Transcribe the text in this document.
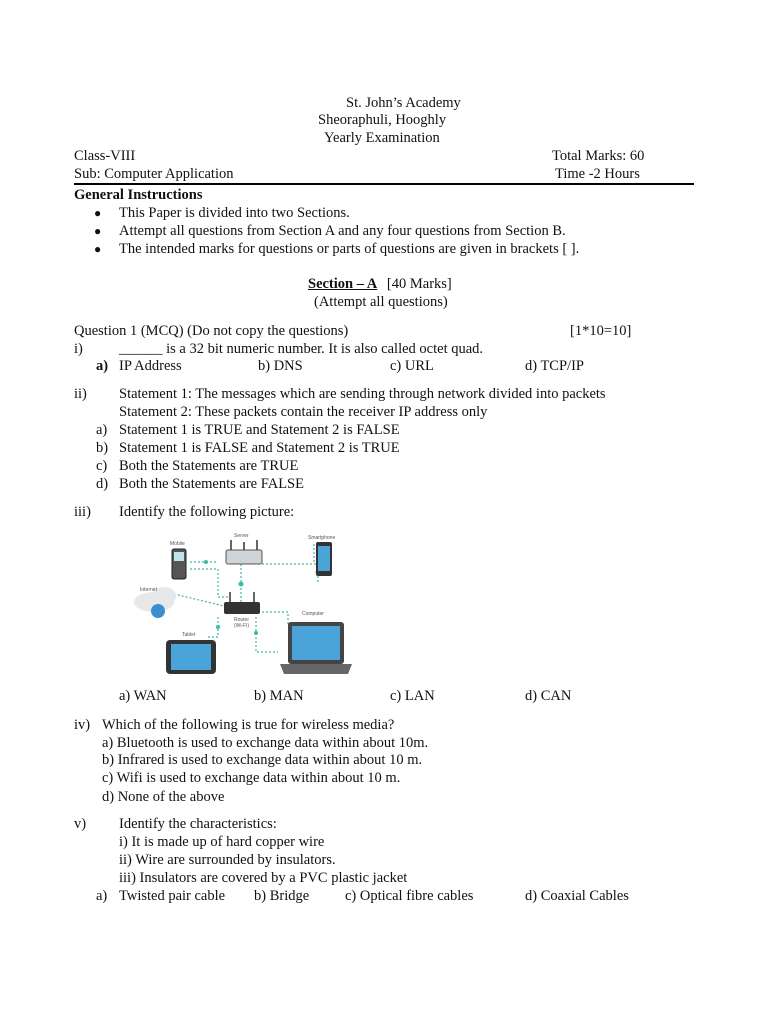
St. John’s Academy
Sheoraphuli, Hooghly
Yearly Examination
Class-VIII	Total Marks: 60
Sub: Computer Application	Time -2 Hours
General Instructions
● This Paper is divided into two Sections.
● Attempt all questions from Section A and any four questions from Section B.
● The intended marks for questions or parts of questions are given in brackets [ ].
Section – A [40 Marks]
(Attempt all questions)
Question 1 (MCQ) (Do not copy the questions)	[1*10=10]
i) ______ is a 32 bit numeric number. It is also called octet quad.
a) IP Address	b) DNS	c) URL	d) TCP/IP
ii) Statement 1: The messages which are sending through network divided into packets
Statement 2: These packets contain the receiver IP address only
a) Statement 1 is TRUE and Statement 2 is FALSE
b) Statement 1 is FALSE and Statement 2 is TRUE
c) Both the Statements are TRUE
d) Both the Statements are FALSE
iii) Identify the following picture:
Server
Mobile
Smartphone
Internet
Router
(Wi-Fi)
Computer
Tablet
a) WAN	b) MAN	c) LAN	d) CAN
iv) Which of the following is true for wireless media?
a) Bluetooth is used to exchange data within about 10m.
b) Infrared is used to exchange data within about 10 m.
c) Wifi is used to exchange data within about 10 m.
d) None of the above
v) Identify the characteristics:
i) It is made up of hard copper wire
ii) Wire are surrounded by insulators.
iii) Insulators are covered by a PVC plastic jacket
a) Twisted pair cable b) Bridge c) Optical fibre cables	d) Coaxial Cables
